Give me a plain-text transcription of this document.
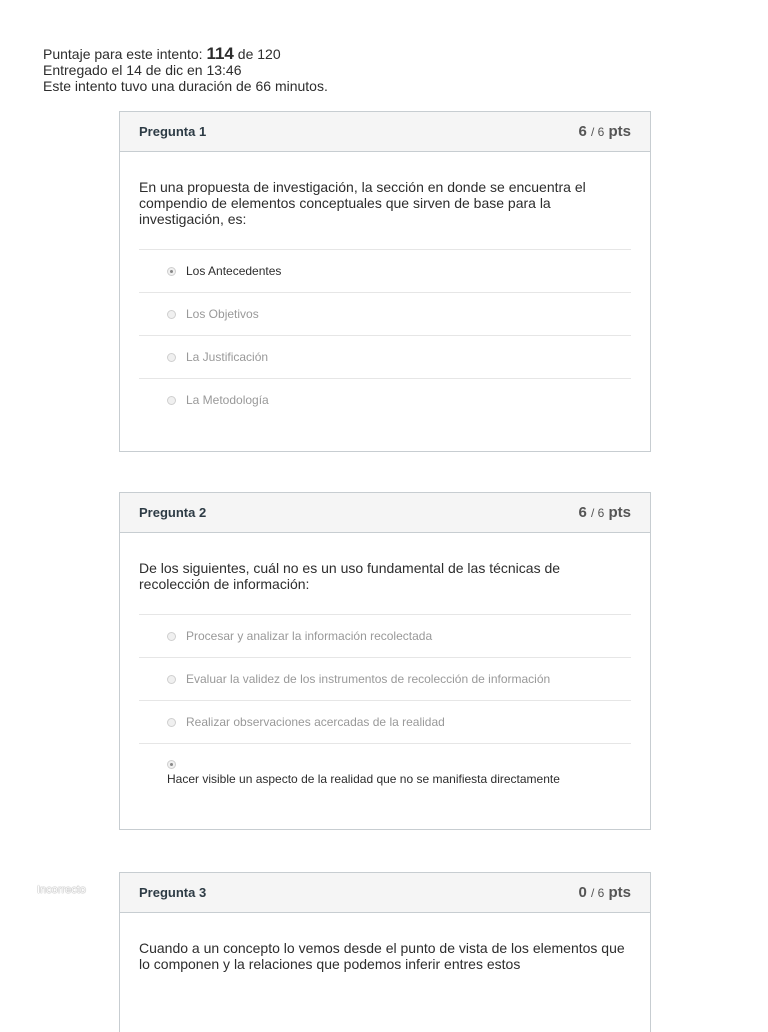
Puntaje para este intento: 114 de 120
Entregado el 14 de dic en 13:46
Este intento tuvo una duración de 66 minutos.
Pregunta 1	6 / 6 pts
En una propuesta de investigación, la sección en donde se encuentra el compendio de elementos conceptuales que sirven de base para la investigación, es:
Los Antecedentes
Los Objetivos
La Justificación
La Metodología
Pregunta 2	6 / 6 pts
De los siguientes, cuál no es un uso fundamental de las técnicas de recolección de información:
Procesar y analizar la información recolectada
Evaluar la validez de los instrumentos de recolección de información
Realizar observaciones acercadas de la realidad
Hacer visible un aspecto de la realidad que no se manifiesta directamente
Incorrecto	Pregunta 3	0 / 6 pts
Cuando a un concepto lo vemos desde el punto de vista de los elementos que lo componen y la relaciones que podemos inferir entres estos
